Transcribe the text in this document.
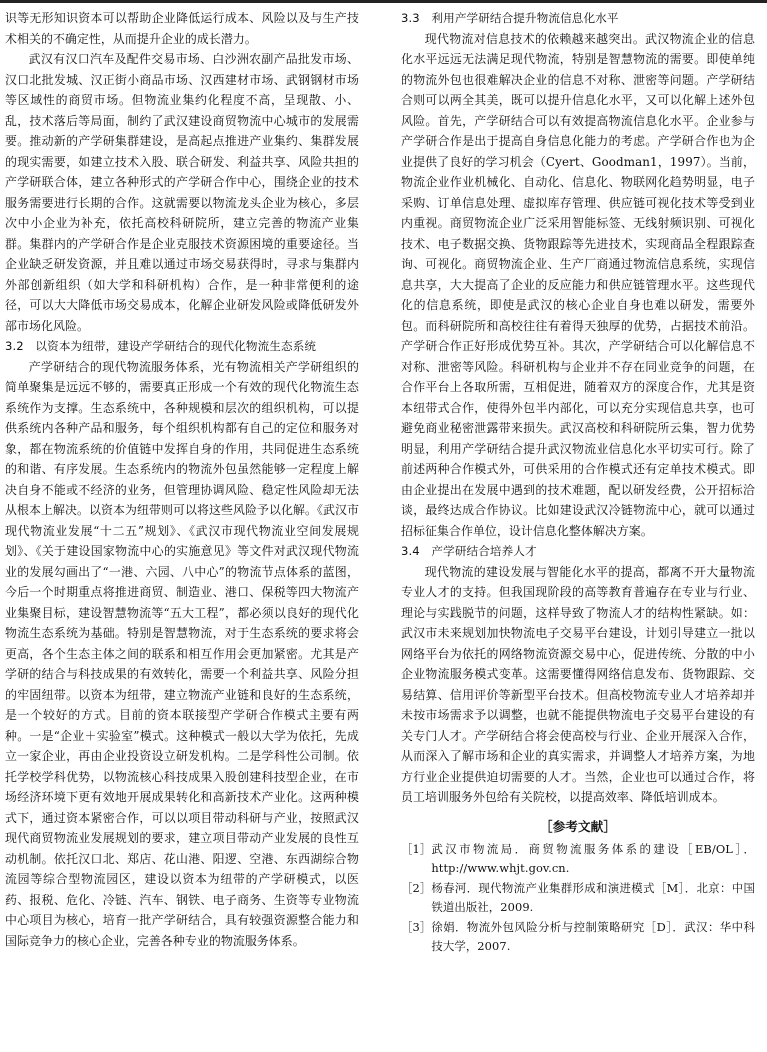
识等无形知识资本可以帮助企业降低运行成本、风险以及与生产技术相关的不确定性，从而提升企业的成长潜力。

武汉有汉口汽车及配件交易市场、白沙洲农副产品批发市场、汉口北批发城、汉正街小商品市场、汉西建材市场、武钢钢材市场等区域性的商贸市场。但物流业集约化程度不高，呈现散、小、乱，技术落后等局面，制约了武汉建设商贸物流中心城市的发展需要。推动新的产学研集群建设，是高起点推进产业集约、集群发展的现实需要，如建立技术入股、联合研发、利益共享、风险共担的产学研联合体，建立各种形式的产学研合作中心，围绕企业的技术服务需要进行长期的合作。这就需要以物流龙头企业为核心，多层次中小企业为补充，依托高校科研院所，建立完善的物流产业集群。集群内的产学研合作是企业克服技术资源困境的重要途径。当企业缺乏研发资源，并且难以通过市场交易获得时，寻求与集群内外部创新组织（如大学和科研机构）合作，是一种非常便利的途径，可以大大降低市场交易成本，化解企业研发风险或降低研发外部市场化风险。

3.2　以资本为纽带，建设产学研结合的现代化物流生态系统

产学研结合的现代物流服务体系，光有物流相关产学研组织的简单聚集是远远不够的，需要真正形成一个有效的现代化物流生态系统作为支撑。生态系统中，各种规模和层次的组织机构，可以提供系统内各种产品和服务，每个组织机构都有自己的定位和服务对象，都在物流系统的价值链中发挥自身的作用，共同促进生态系统的和谐、有序发展。生态系统内的物流外包虽然能够一定程度上解决自身不能或不经济的业务，但管理协调风险、稳定性风险却无法从根本上解决。以资本为纽带则可以将这些风险予以化解。《武汉市现代物流业发展“十二五”规划》、《武汉市现代物流业空间发展规划》、《关于建设国家物流中心的实施意见》等文件对武汉现代物流业的发展勾画出了“一港、六园、八中心”的物流节点体系的蓝图，今后一个时期重点将推进商贸、制造业、港口、保税等四大物流产业集聚目标，建设智慧物流等“五大工程”，都必须以良好的现代化物流生态系统为基础。特别是智慧物流，对于生态系统的要求将会更高，各个生态主体之间的联系和相互作用会更加紧密。尤其是产学研的结合与科技成果的有效转化，需要一个利益共享、风险分担的牢固纽带。以资本为纽带，建立物流产业链和良好的生态系统，是一个较好的方式。目前的资本联接型产学研合作模式主要有两种。一是“企业＋实验室”模式。这种模式一般以大学为依托，先成立一家企业，再由企业投资设立研发机构。二是学科性公司制。依托学校学科优势，以物流核心科技成果入股创建科技型企业，在市场经济环境下更有效地开展成果转化和高新技术产业化。这两种模式下，通过资本紧密合作，可以以项目带动科研与产业，按照武汉现代商贸物流业发展规划的要求，建立项目带动产业发展的良性互动机制。依托汉口北、郑店、花山港、阳逻、空港、东西湖综合物流园等综合型物流园区，建设以资本为纽带的产学研模式，以医药、报税、危化、冷链、汽车、钢铁、电子商务、生资等专业物流中心项目为核心，培育一批产学研结合，具有较强资源整合能力和国际竞争力的核心企业，完善各种专业的物流服务体系。

3.3　利用产学研结合提升物流信息化水平

现代物流对信息技术的依赖越来越突出。武汉物流企业的信息化水平远远无法满足现代物流，特别是智慧物流的需要。即使单纯的物流外包也很难解决企业的信息不对称、泄密等问题。产学研结合则可以两全其美，既可以提升信息化水平，又可以化解上述外包风险。首先，产学研结合可以有效提高物流信息化水平。企业参与产学研合作是出于提高自身信息化能力的考虑。产学研合作也为企业提供了良好的学习机会（Cyert、Goodman1，1997）。当前，物流企业作业机械化、自动化、信息化、物联网化趋势明显，电子采购、订单信息处理、虚拟库存管理、供应链可视化技术等受到业内重视。商贸物流企业广泛采用智能标签、无线射频识别、可视化技术、电子数据交换、货物跟踪等先进技术，实现商品全程跟踪查询、可视化。商贸物流企业、生产厂商通过物流信息系统，实现信息共享，大大提高了企业的反应能力和供应链管理水平。这些现代化的信息系统，即使是武汉的核心企业自身也难以研发，需要外包。而科研院所和高校往往有着得天独厚的优势，占据技术前沿。产学研合作正好形成优势互补。其次，产学研结合可以化解信息不对称、泄密等风险。科研机构与企业并不存在同业竞争的问题，在合作平台上各取所需，互相促进，随着双方的深度合作，尤其是资本纽带式合作，使得外包半内部化，可以充分实现信息共享，也可避免商业秘密泄露带来损失。武汉高校和科研院所云集，智力优势明显，利用产学研结合提升武汉物流业信息化水平切实可行。除了前述两种合作模式外，可供采用的合作模式还有定单技术模式。即由企业提出在发展中遇到的技术难题，配以研发经费，公开招标洽谈，最终达成合作协议。比如建设武汉冷链物流中心，就可以通过招标征集合作单位，设计信息化整体解决方案。

3.4　产学研结合培养人才

现代物流的建设发展与智能化水平的提高，都离不开大量物流专业人才的支持。但我国现阶段的高等教育普遍存在专业与行业、理论与实践脱节的问题，这样导致了物流人才的结构性紧缺。如：武汉市未来规划加快物流电子交易平台建设，计划引导建立一批以网络平台为依托的网络物流资源交易中心，促进传统、分散的中小企业物流服务模式变革。这需要懂得网络信息发布、货物跟踪、交易结算、信用评价等新型平台技术。但高校物流专业人才培养却并未按市场需求予以调整，也就不能提供物流电子交易平台建设的有关专门人才。产学研结合将会使高校与行业、企业开展深入合作，从而深入了解市场和企业的真实需求，并调整人才培养方案，为地方行业企业提供迫切需要的人才。当然，企业也可以通过合作，将员工培训服务外包给有关院校，以提高效率、降低培训成本。

［参考文献］
［1］ 武汉市物流局．商贸物流服务体系的建设［EB/OL］．http://www.whjt.gov.cn.
［2］ 杨春河．现代物流产业集群形成和演进模式［M］．北京：中国铁道出版社，2009.
［3］ 徐娟．物流外包风险分析与控制策略研究［D］．武汉：华中科技大学，2007.
